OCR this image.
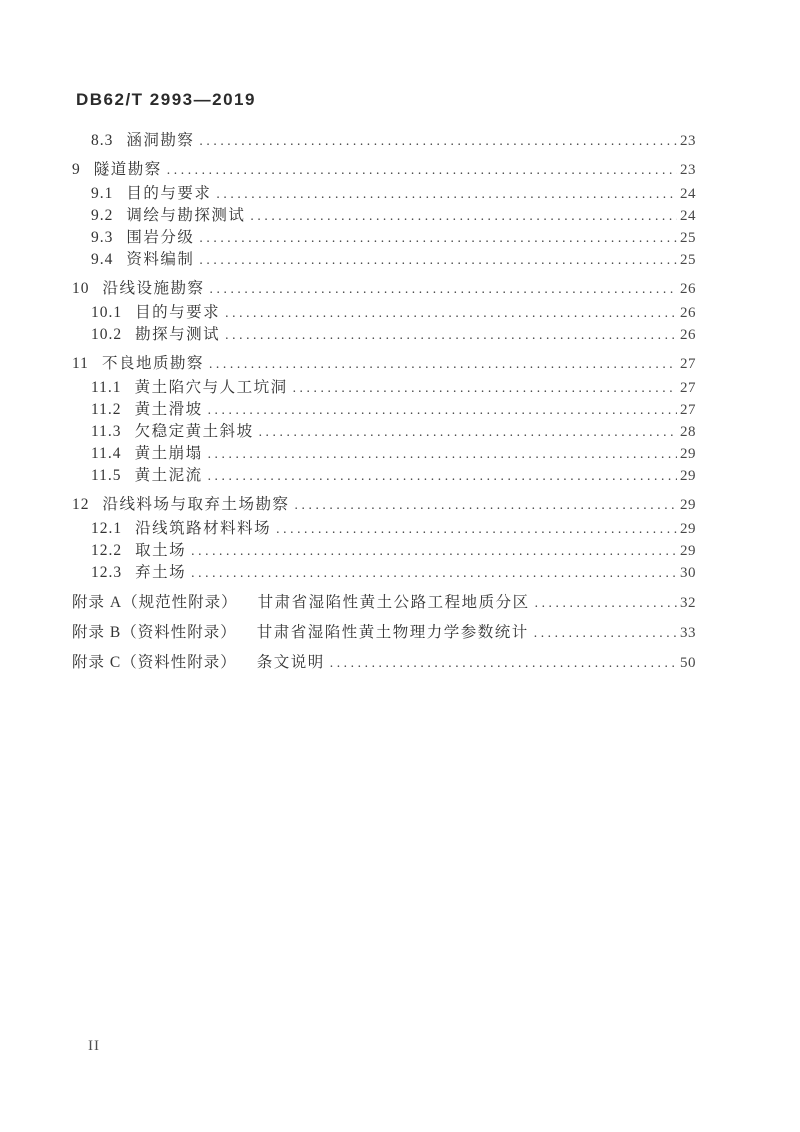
DB62/T 2993—2019
8.3 涵洞勘察 .....	23
9 隧道勘察 .....	23
9.1 目的与要求 .....	24
9.2 调绘与勘探测试 .....	24
9.3 围岩分级 .....	25
9.4 资料编制 .....	25
10 沿线设施勘察 .....	26
10.1 目的与要求 .....	26
10.2 勘探与测试 .....	26
11 不良地质勘察 .....	27
11.1 黄土陷穴与人工坑洞 .....	27
11.2 黄土滑坡 .....	27
11.3 欠稳定黄土斜坡 .....	28
11.4 黄土崩塌 .....	29
11.5 黄土泥流 .....	29
12 沿线料场与取弃土场勘察 .....	29
12.1 沿线筑路材料料场 .....	29
12.2 取土场 .....	29
12.3 弃土场 .....	30
附录 A（规范性附录） 甘肃省湿陷性黄土公路工程地质分区 .....	32
附录 B（资料性附录） 甘肃省湿陷性黄土物理力学参数统计 .....	33
附录 C（资料性附录） 条文说明 .....	50
II
